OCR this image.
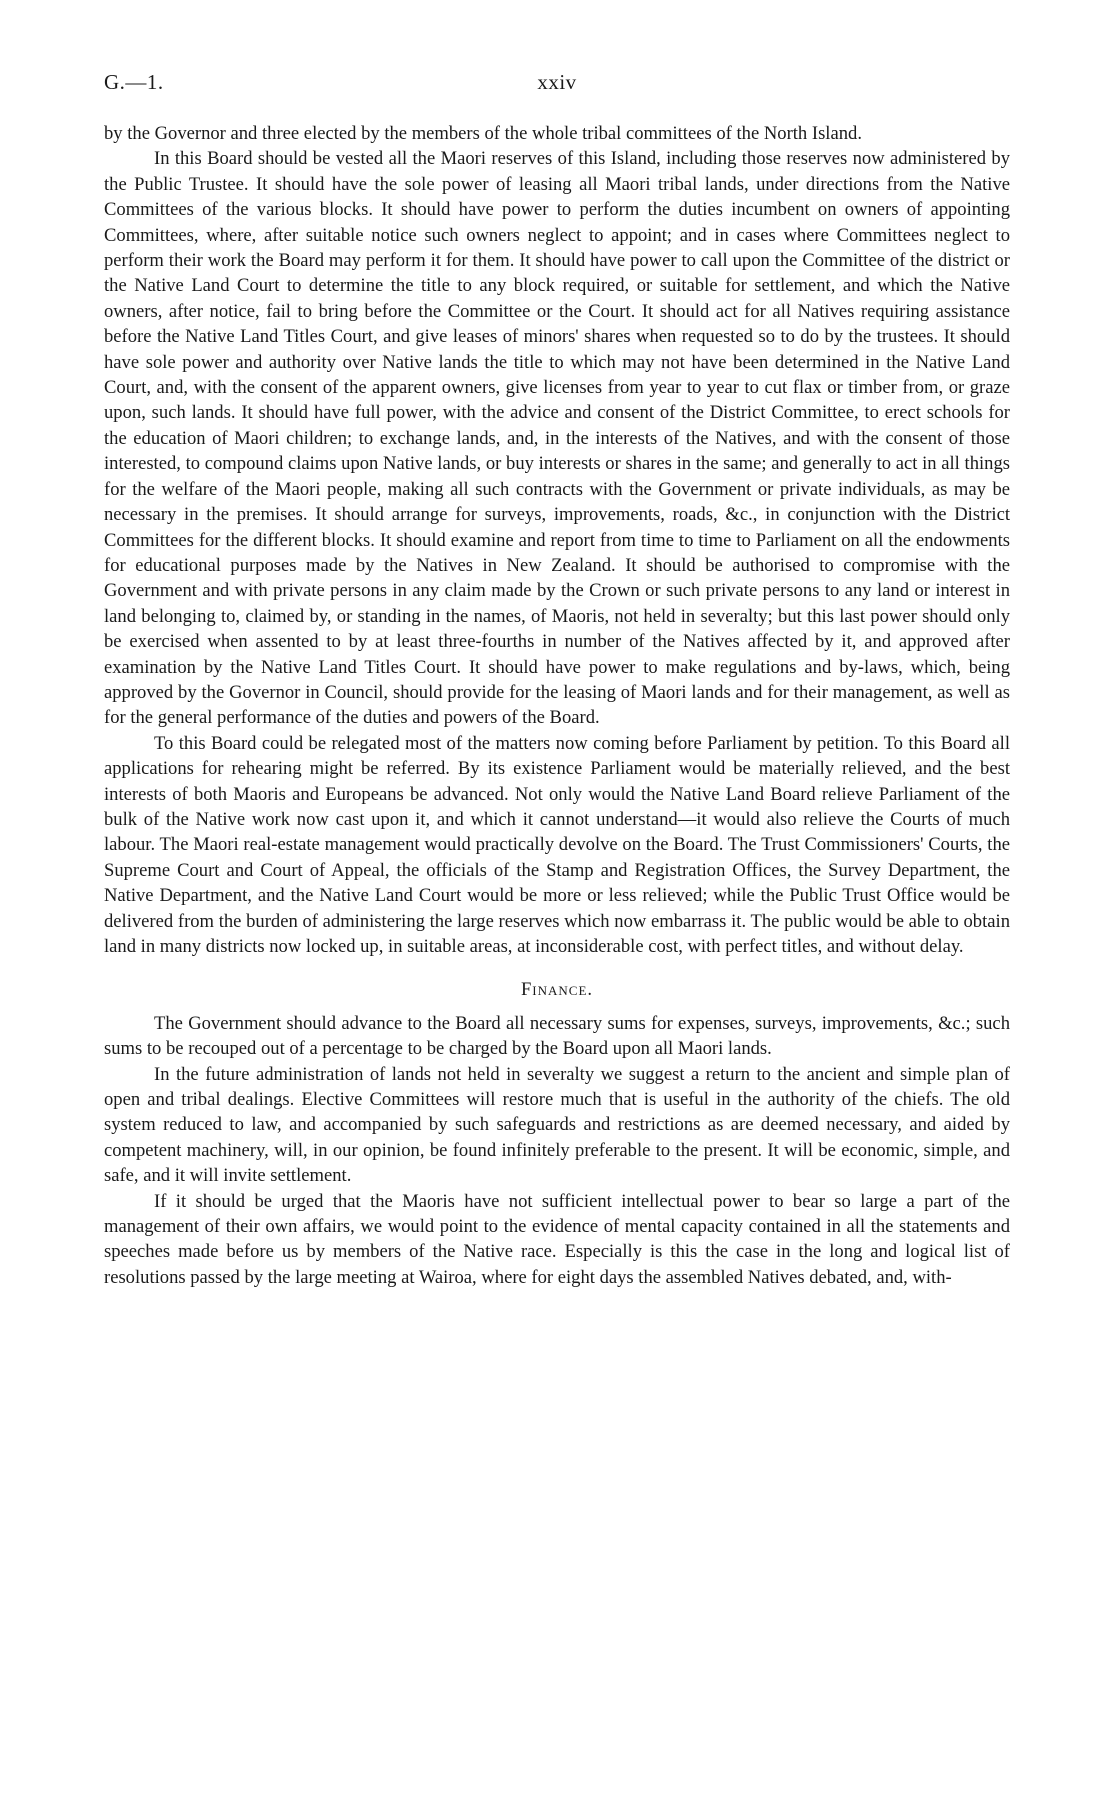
G.—1.	xxiv

by the Governor and three elected by the members of the whole tribal committees of the North Island.

In this Board should be vested all the Maori reserves of this Island, including those reserves now administered by the Public Trustee. It should have the sole power of leasing all Maori tribal lands, under directions from the Native Committees of the various blocks. It should have power to perform the duties incumbent on owners of appointing Committees, where, after suitable notice such owners neglect to appoint; and in cases where Committees neglect to perform their work the Board may perform it for them. It should have power to call upon the Committee of the district or the Native Land Court to determine the title to any block required, or suitable for settlement, and which the Native owners, after notice, fail to bring before the Committee or the Court. It should act for all Natives requiring assistance before the Native Land Titles Court, and give leases of minors' shares when requested so to do by the trustees. It should have sole power and authority over Native lands the title to which may not have been determined in the Native Land Court, and, with the consent of the apparent owners, give licenses from year to year to cut flax or timber from, or graze upon, such lands. It should have full power, with the advice and consent of the District Committee, to erect schools for the education of Maori children; to exchange lands, and, in the interests of the Natives, and with the consent of those interested, to compound claims upon Native lands, or buy interests or shares in the same; and generally to act in all things for the welfare of the Maori people, making all such contracts with the Government or private individuals, as may be necessary in the premises. It should arrange for surveys, improvements, roads, &c., in conjunction with the District Committees for the different blocks. It should examine and report from time to time to Parliament on all the endowments for educational purposes made by the Natives in New Zealand. It should be authorised to compromise with the Government and with private persons in any claim made by the Crown or such private persons to any land or interest in land belonging to, claimed by, or standing in the names, of Maoris, not held in severalty; but this last power should only be exercised when assented to by at least three-fourths in number of the Natives affected by it, and approved after examination by the Native Land Titles Court. It should have power to make regulations and by-laws, which, being approved by the Governor in Council, should provide for the leasing of Maori lands and for their management, as well as for the general performance of the duties and powers of the Board.

To this Board could be relegated most of the matters now coming before Parliament by petition. To this Board all applications for rehearing might be referred. By its existence Parliament would be materially relieved, and the best interests of both Maoris and Europeans be advanced. Not only would the Native Land Board relieve Parliament of the bulk of the Native work now cast upon it, and which it cannot understand—it would also relieve the Courts of much labour. The Maori real-estate management would practically devolve on the Board. The Trust Commissioners' Courts, the Supreme Court and Court of Appeal, the officials of the Stamp and Registration Offices, the Survey Department, the Native Department, and the Native Land Court would be more or less relieved; while the Public Trust Office would be delivered from the burden of administering the large reserves which now embarrass it. The public would be able to obtain land in many districts now locked up, in suitable areas, at inconsiderable cost, with perfect titles, and without delay.

Finance.

The Government should advance to the Board all necessary sums for expenses, surveys, improvements, &c.; such sums to be recouped out of a percentage to be charged by the Board upon all Maori lands.

In the future administration of lands not held in severalty we suggest a return to the ancient and simple plan of open and tribal dealings. Elective Committees will restore much that is useful in the authority of the chiefs. The old system reduced to law, and accompanied by such safeguards and restrictions as are deemed necessary, and aided by competent machinery, will, in our opinion, be found infinitely preferable to the present. It will be economic, simple, and safe, and it will invite settlement.

If it should be urged that the Maoris have not sufficient intellectual power to bear so large a part of the management of their own affairs, we would point to the evidence of mental capacity contained in all the statements and speeches made before us by members of the Native race. Especially is this the case in the long and logical list of resolutions passed by the large meeting at Wairoa, where for eight days the assembled Natives debated, and, with-
